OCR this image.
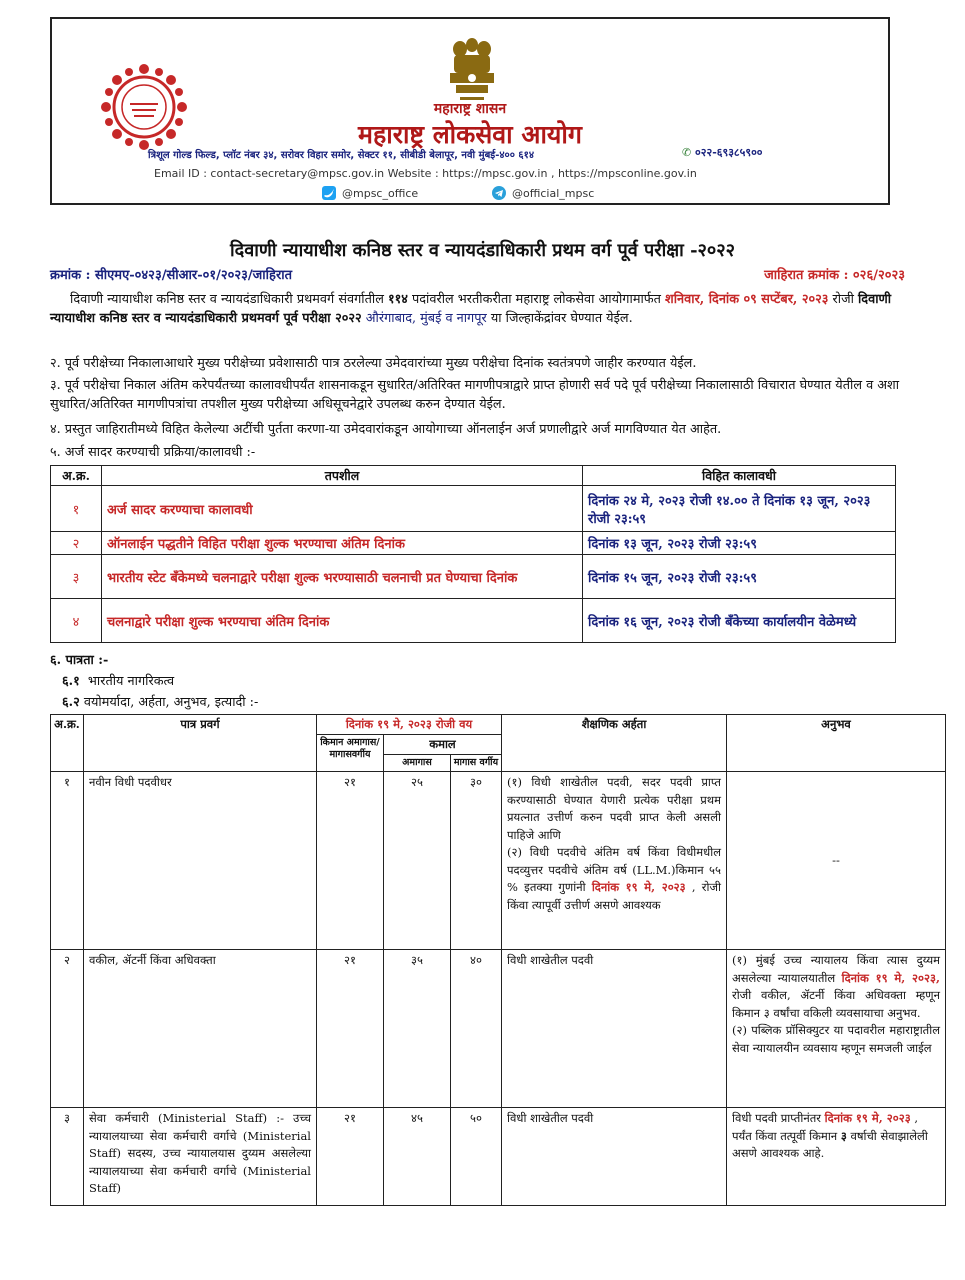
महाराष्ट्र शासन
महाराष्ट्र लोकसेवा आयोग
त्रिशूल गोल्ड फिल्ड, प्लॉट नंबर ३४, सरोवर विहार समोर, सेक्टर ११, सीबीडी बेलापूर, नवी मुंबई-४०० ६१४	✆ ०२२-६९३८५९००
Email ID : contact-secretary@mpsc.gov.in Website : https://mpsc.gov.in , https://mpsconline.gov.in
@mpsc_office	@official_mpsc
दिवाणी न्यायाधीश कनिष्ठ स्तर व न्यायदंडाधिकारी प्रथम वर्ग पूर्व परीक्षा -२०२२
क्रमांक : सीएमए-०४२३/सीआर-०१/२०२३/जाहिरात	जाहिरात क्रमांक : ०२६/२०२३
दिवाणी न्यायाधीश कनिष्ठ स्तर व न्यायदंडाधिकारी प्रथमवर्ग संवर्गातील ११४ पदांवरील भरतीकरीता महाराष्ट्र लोकसेवा आयोगामार्फत शनिवार, दिनांक ०९ सप्टेंबर, २०२३ रोजी दिवाणी न्यायाधीश कनिष्ठ स्तर व न्यायदंडाधिकारी प्रथमवर्ग पूर्व परीक्षा २०२२ औरंगाबाद, मुंबई व नागपूर या जिल्हाकेंद्रांवर घेण्यात येईल.
२. पूर्व परीक्षेच्या निकालाआधारे मुख्य परीक्षेच्या प्रवेशासाठी पात्र ठरलेल्या उमेदवारांच्या मुख्य परीक्षेचा दिनांक स्वतंत्रपणे जाहीर करण्यात येईल.
३. पूर्व परीक्षेचा निकाल अंतिम करेपर्यंतच्या कालावधीपर्यंत शासनाकडून सुधारित/अतिरिक्त मागणीपत्राद्वारे प्राप्त होणारी सर्व पदे पूर्व परीक्षेच्या निकालासाठी विचारात घेण्यात येतील व अशा सुधारित/अतिरिक्त मागणीपत्रांचा तपशील मुख्य परीक्षेच्या अधिसूचनेद्वारे उपलब्ध करुन देण्यात येईल.
४. प्रस्तुत जाहिरातीमध्ये विहित केलेल्या अटींची पुर्तता करणा-या उमेदवारांकडून आयोगाच्या ऑनलाईन अर्ज प्रणालीद्वारे अर्ज मागविण्यात येत आहेत.
५. अर्ज सादर करण्याची प्रक्रिया/कालावधी :-
अ.क्र.	तपशील	विहित कालावधी
१	अर्ज सादर करण्याचा कालावधी	दिनांक २४ मे, २०२३ रोजी १४.०० ते दिनांक १३ जून, २०२३ रोजी २३:५९
२	ऑनलाईन पद्धतीने विहित परीक्षा शुल्क भरण्याचा अंतिम दिनांक	दिनांक १३ जून, २०२३ रोजी २३:५९
३	भारतीय स्टेट बँकेमध्ये चलनाद्वारे परीक्षा शुल्क भरण्यासाठी चलनाची प्रत घेण्याचा दिनांक	दिनांक १५ जून, २०२३ रोजी २३:५९
४	चलनाद्वारे परीक्षा शुल्क भरण्याचा अंतिम दिनांक	दिनांक १६ जून, २०२३ रोजी बँकेच्या कार्यालयीन वेळेमध्ये
६. पात्रता :-
६.१ भारतीय नागरिकत्व
६.२ वयोमर्यादा, अर्हता, अनुभव, इत्यादी :-
अ.क्र.	पात्र प्रवर्ग	दिनांक १९ मे, २०२३ रोजी वय			शैक्षणिक अर्हता	अनुभव
		किमान अमागास/ मागासवर्गीय	कमाल			
			अमागास	मागास वर्गीय		
१	नवीन विधी पदवीधर	२१	२५	३०	(१) विधी शाखेतील पदवी, सदर पदवी प्राप्त करण्यासाठी घेण्यात येणारी प्रत्येक परीक्षा प्रथम प्रयत्नात उत्तीर्ण करुन पदवी प्राप्त केली असली पाहिजे आणि
(२) विधी पदवीचे अंतिम वर्ष किंवा विधीमधील पदव्युत्तर पदवीचे अंतिम वर्ष (LL.M.)किमान ५५ % इतक्या गुणांनी दिनांक १९ मे, २०२३ , रोजी किंवा त्यापूर्वी उत्तीर्ण असणे आवश्यक	--
२	वकील, ॲटर्नी किंवा अधिवक्ता	२१	३५	४०	विधी शाखेतील पदवी	(१) मुंबई उच्च न्यायालय किंवा त्यास दुय्यम असलेल्या न्यायालयातील दिनांक १९ मे, २०२३, रोजी वकील, ॲटर्नी किंवा अधिवक्ता म्हणून किमान ३ वर्षांचा वकिली व्यवसायाचा अनुभव.
(२) पब्लिक प्रॉसिक्युटर या पदावरील महाराष्ट्रातील सेवा न्यायालयीन व्यवसाय म्हणून समजली जाईल
३	सेवा कर्मचारी (Ministerial Staff) :- उच्च न्यायालयाच्या सेवा कर्मचारी वर्गाचे (Ministerial Staff) सदस्य, उच्च न्यायालयास दुय्यम असलेल्या न्यायालयाच्या सेवा कर्मचारी वर्गाचे (Ministerial Staff)	२१	४५	५०	विधी शाखेतील पदवी	विधी पदवी प्राप्तीनंतर दिनांक १९ मे, २०२३ , पर्यंत किंवा तत्पूर्वी किमान ३ वर्षाची सेवाझालेली असणे आवश्यक आहे.
